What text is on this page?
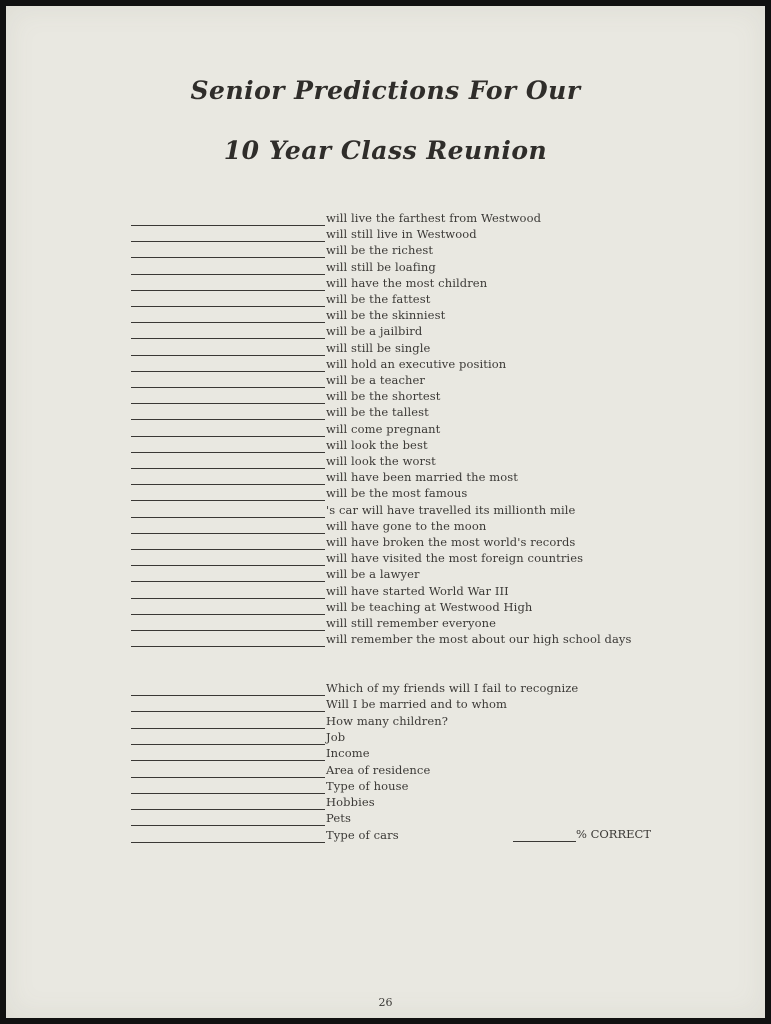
Senior Predictions For Our
10 Year Class Reunion
will live the farthest from Westwood
will still live in Westwood
will be the richest
will still be loafing
will have the most children
will be the fattest
will be the skinniest
will be a jailbird
will still be single
will hold an executive position
will be a teacher
will be the shortest
will be the tallest
will come pregnant
will look the best
will look the worst
will have been married the most
will be the most famous
's car will have travelled its millionth mile
will have gone to the moon
will have broken the most world's records
will have visited the most foreign countries
will be a lawyer
will have started World War III
will be teaching at Westwood High
will still remember everyone
will remember the most about our high school days
Which of my friends will I fail to recognize
Will I be married and to whom
How many children?
Job
Income
Area of residence
Type of house
Hobbies
Pets
Type of cars	% CORRECT
26
